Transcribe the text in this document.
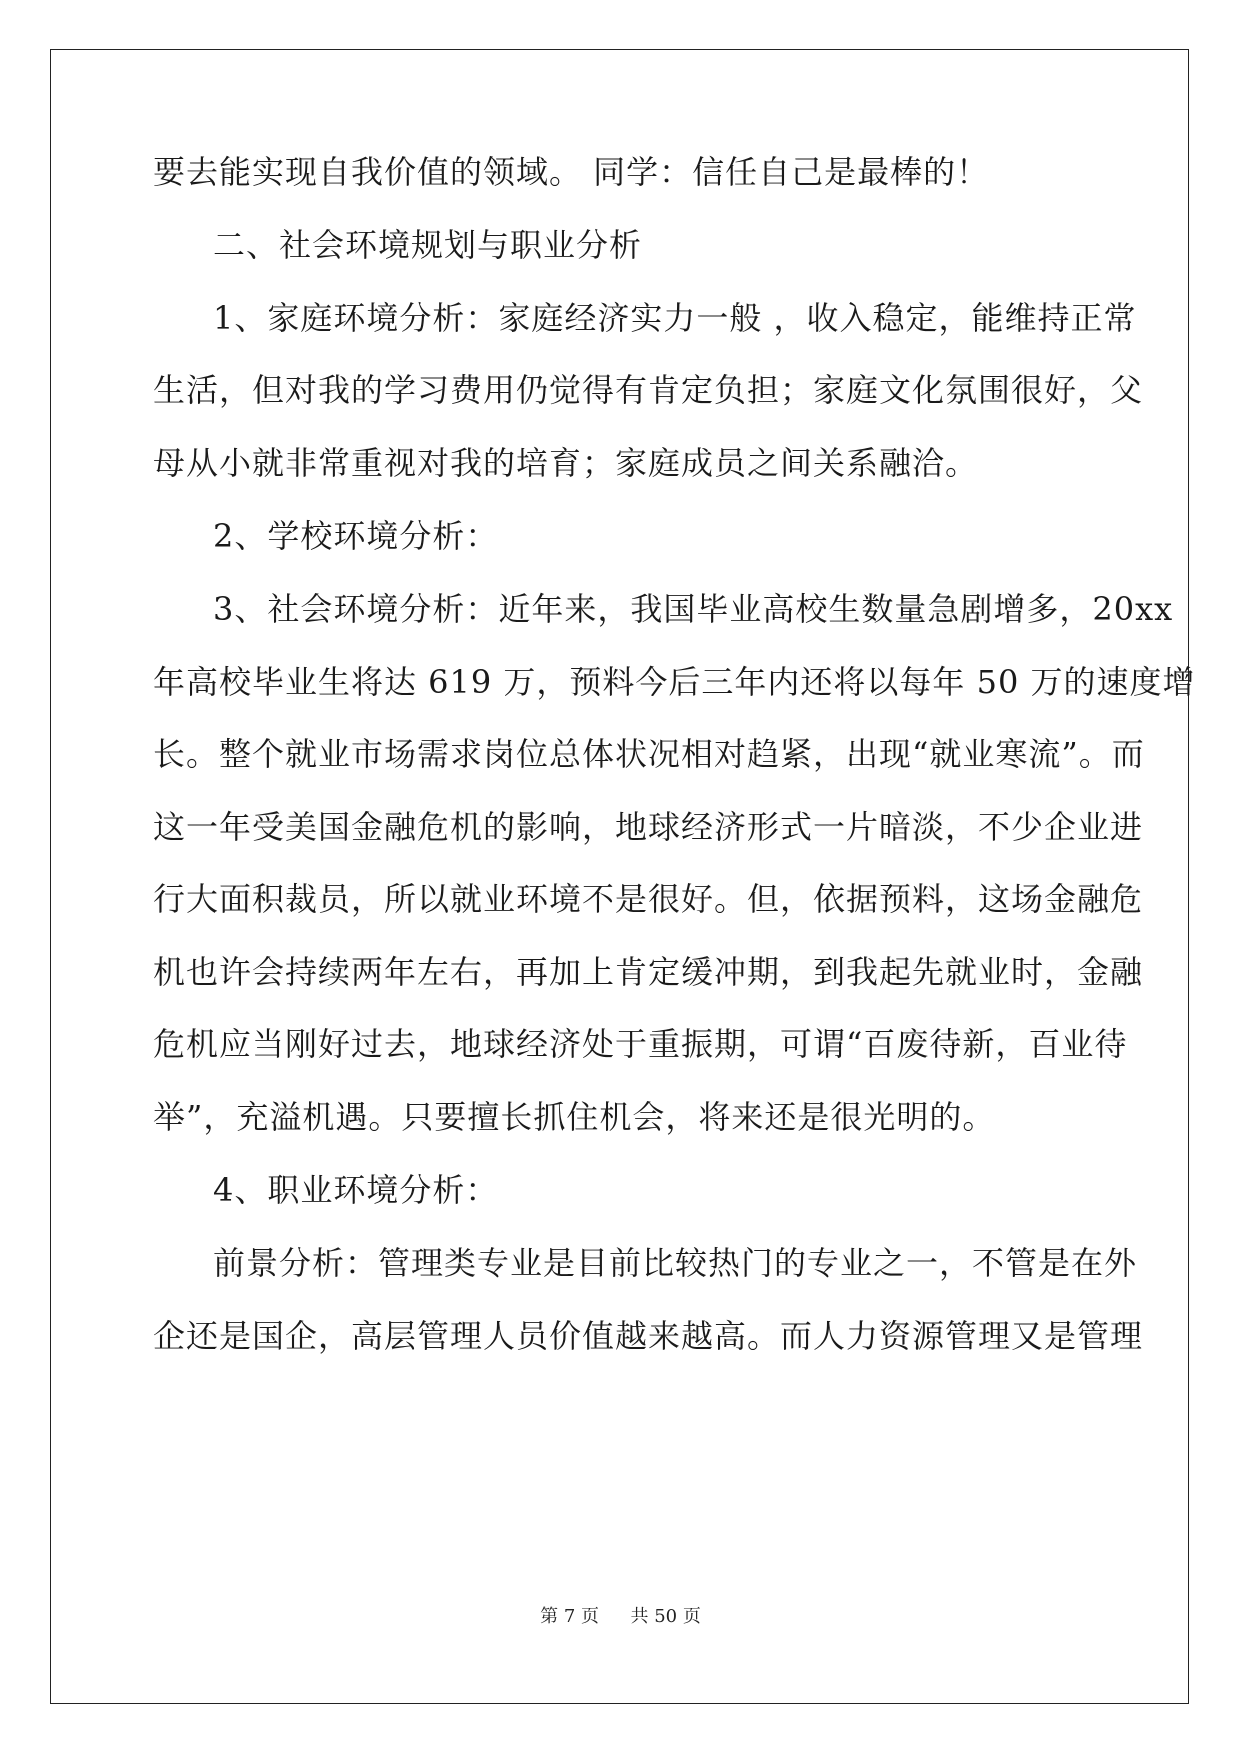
要去能实现自我价值的领域。 同学：信任自己是最棒的！
二、社会环境规划与职业分析
1、家庭环境分析：家庭经济实力一般 ，收入稳定，能维持正常
生活，但对我的学习费用仍觉得有肯定负担；家庭文化氛围很好，父
母从小就非常重视对我的培育；家庭成员之间关系融洽。
2、学校环境分析：
3、社会环境分析：近年来，我国毕业高校生数量急剧增多，20xx
年高校毕业生将达 619 万，预料今后三年内还将以每年 50 万的速度增
长。整个就业市场需求岗位总体状况相对趋紧，出现“就业寒流”。而
这一年受美国金融危机的影响，地球经济形式一片暗淡，不少企业进
行大面积裁员，所以就业环境不是很好。但，依据预料，这场金融危
机也许会持续两年左右，再加上肯定缓冲期，到我起先就业时，金融
危机应当刚好过去，地球经济处于重振期，可谓“百废待新，百业待
举”，充溢机遇。只要擅长抓住机会，将来还是很光明的。
4、职业环境分析：
前景分析：管理类专业是目前比较热门的专业之一，不管是在外
企还是国企，高层管理人员价值越来越高。而人力资源管理又是管理
第 7 页 共 50 页
